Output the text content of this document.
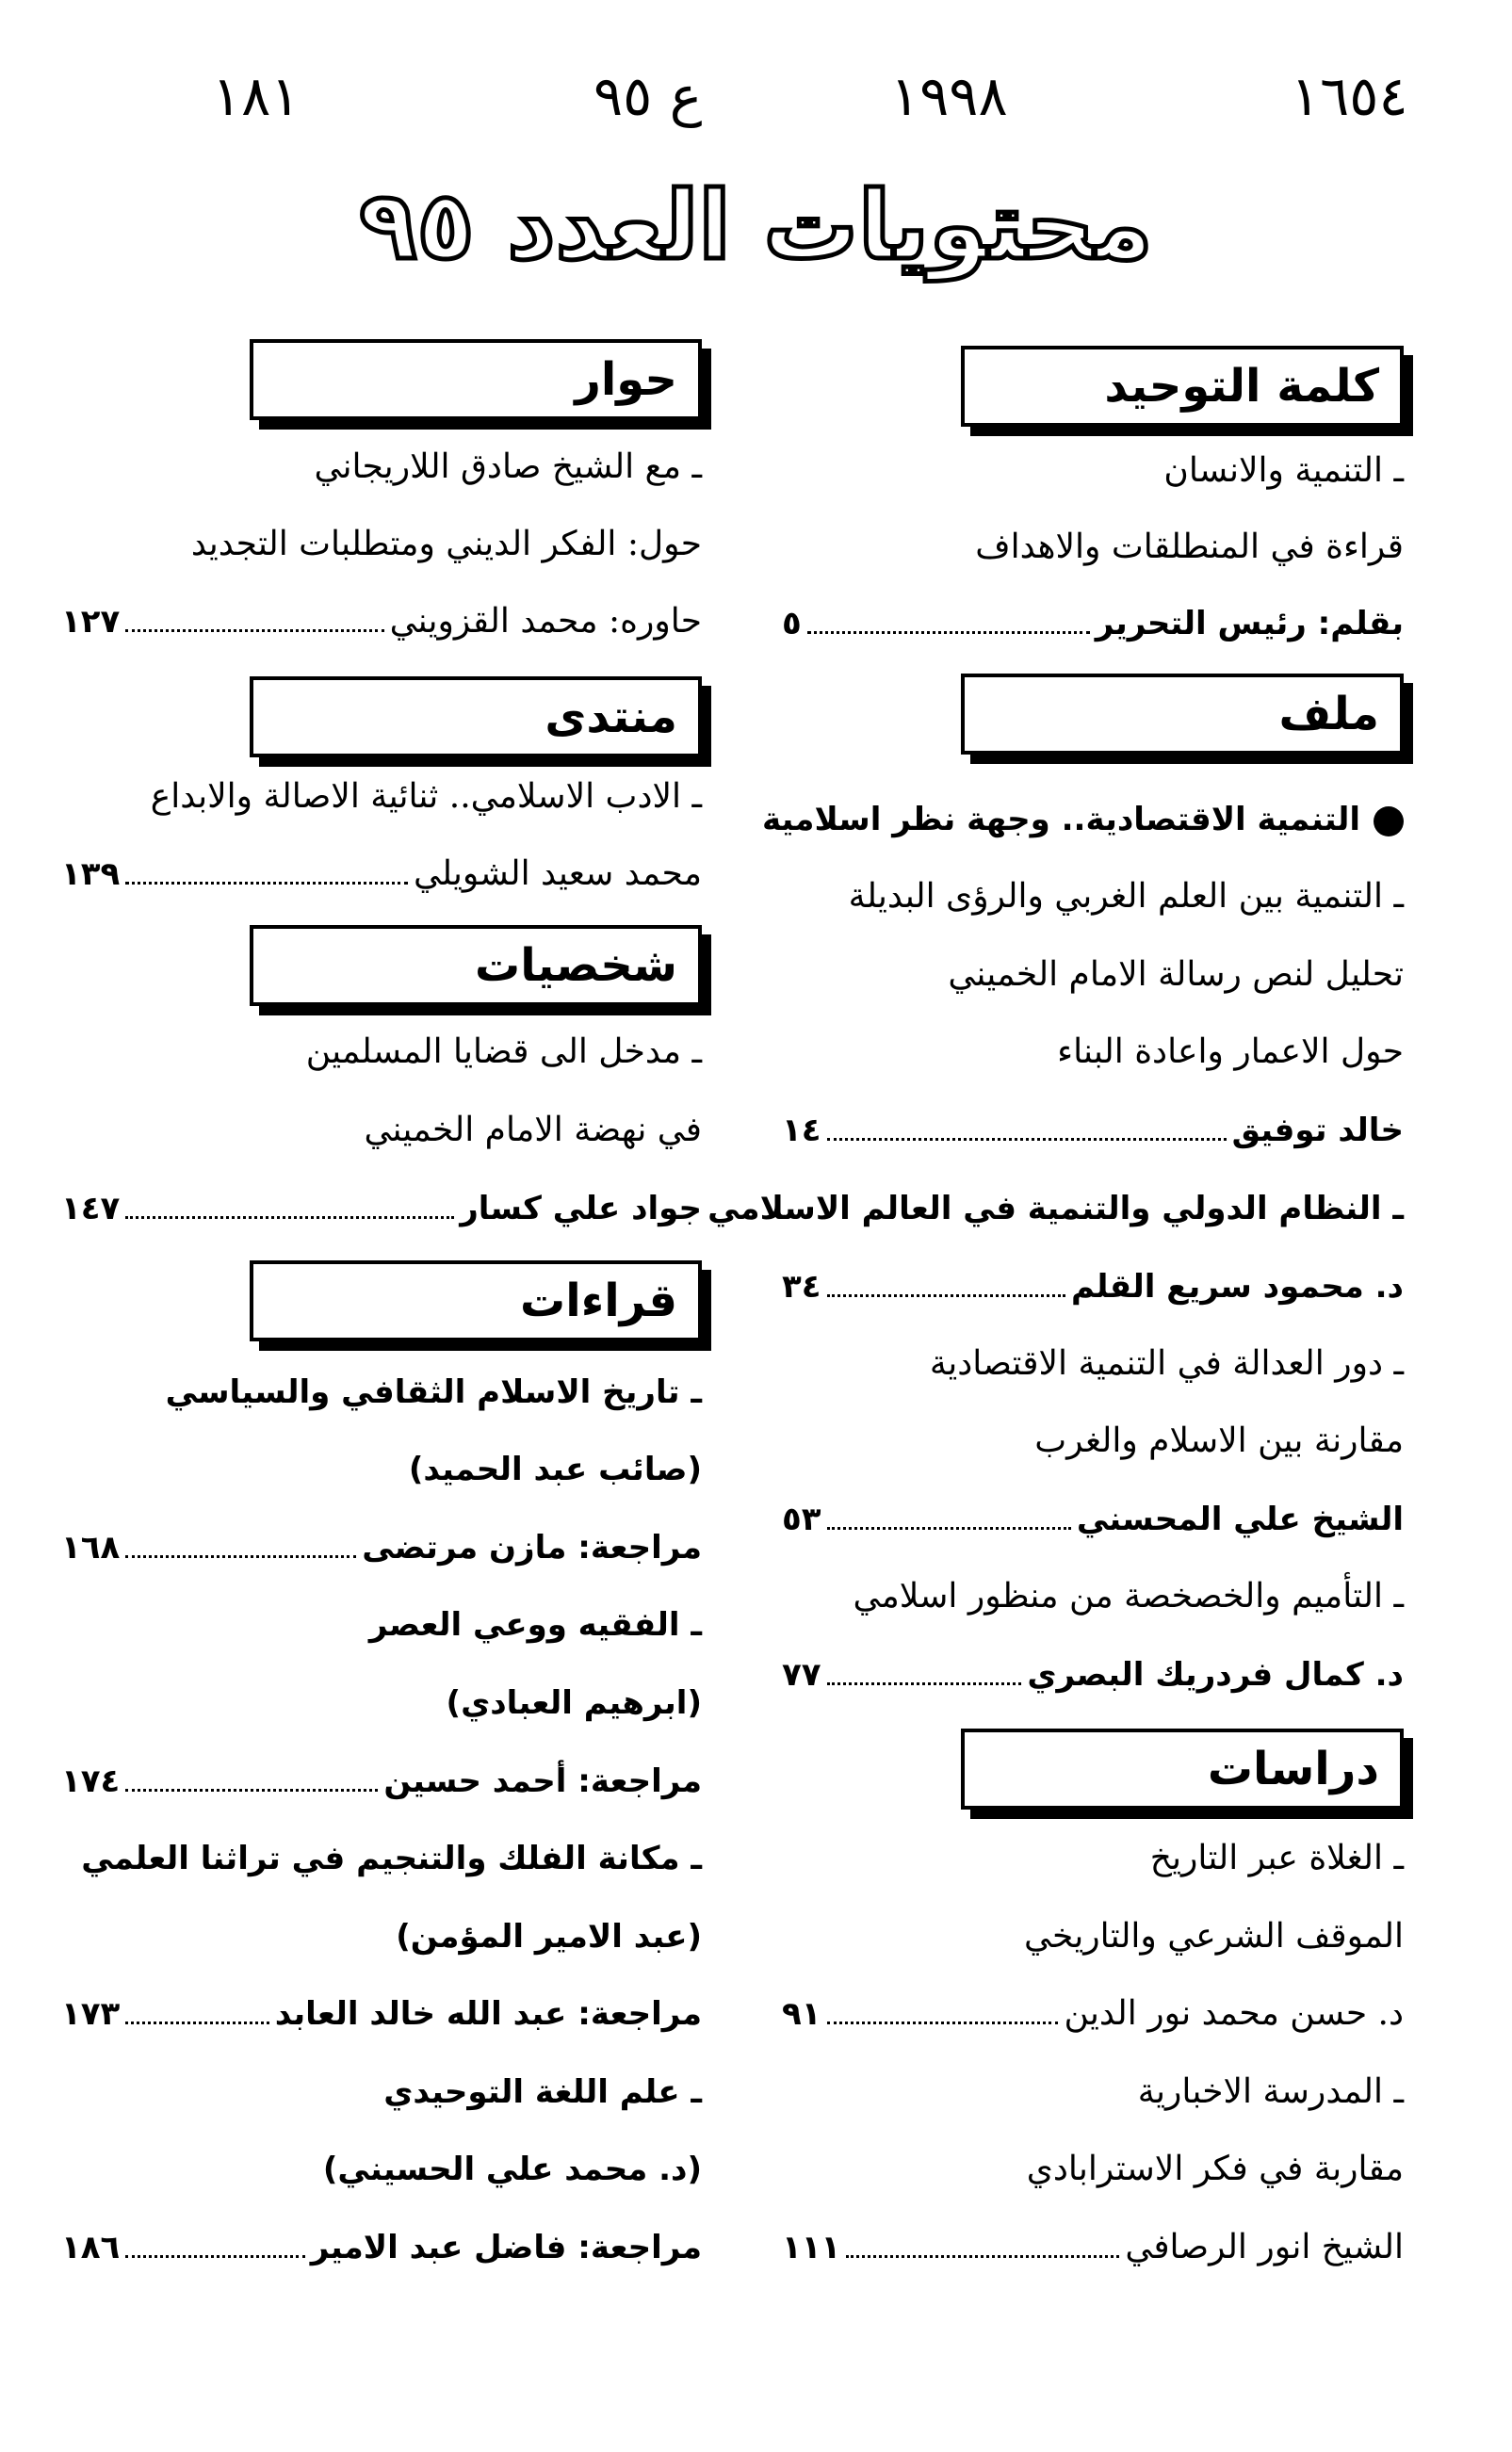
١٦٥٤
١٩٩٨
ع ٩٥
١٨١
محتويات العدد ٩٥
كلمة التوحيد
ـ التنمية والانسان
قراءة في المنطلقات والاهداف
بقلم: رئيس التحرير
٥
ملف
التنمية الاقتصادية.. وجهة نظر اسلامية
ـ التنمية بين العلم الغربي والرؤى البديلة
تحليل لنص رسالة الامام الخميني
حول الاعمار واعادة البناء
خالد توفيق
١٤
ـ النظام الدولي والتنمية في العالم الاسلامي
د. محمود سريع القلم
٣٤
ـ دور العدالة في التنمية الاقتصادية
مقارنة بين الاسلام والغرب
الشيخ علي المحسني
٥٣
ـ التأميم والخصخصة من منظور اسلامي
د. كمال فردريك البصري
٧٧
دراسات
ـ الغلاة عبر التاريخ
الموقف الشرعي والتاريخي
د. حسن محمد نور الدين
٩١
ـ المدرسة الاخبارية
مقاربة في فكر الاسترابادي
الشيخ انور الرصافي
١١١
حوار
ـ مع الشيخ صادق اللاريجاني
حول: الفكر الديني ومتطلبات التجديد
حاوره: محمد القزويني
١٢٧
منتدى
ـ الادب الاسلامي.. ثنائية الاصالة والابداع
محمد سعيد الشويلي
١٣٩
شخصيات
ـ مدخل الى قضايا المسلمين
في نهضة الامام الخميني
جواد علي كسار
١٤٧
قراءات
ـ تاريخ الاسلام الثقافي والسياسي
(صائب عبد الحميد)
مراجعة: مازن مرتضى
١٦٨
ـ الفقيه ووعي العصر
(ابرهيم العبادي)
مراجعة: أحمد حسين
١٧٤
ـ مكانة الفلك والتنجيم في تراثنا العلمي
(عبد الامير المؤمن)
مراجعة: عبد الله خالد العابد
١٧٣
ـ علم اللغة التوحيدي
(د. محمد علي الحسيني)
مراجعة: فاضل عبد الامير
١٨٦
